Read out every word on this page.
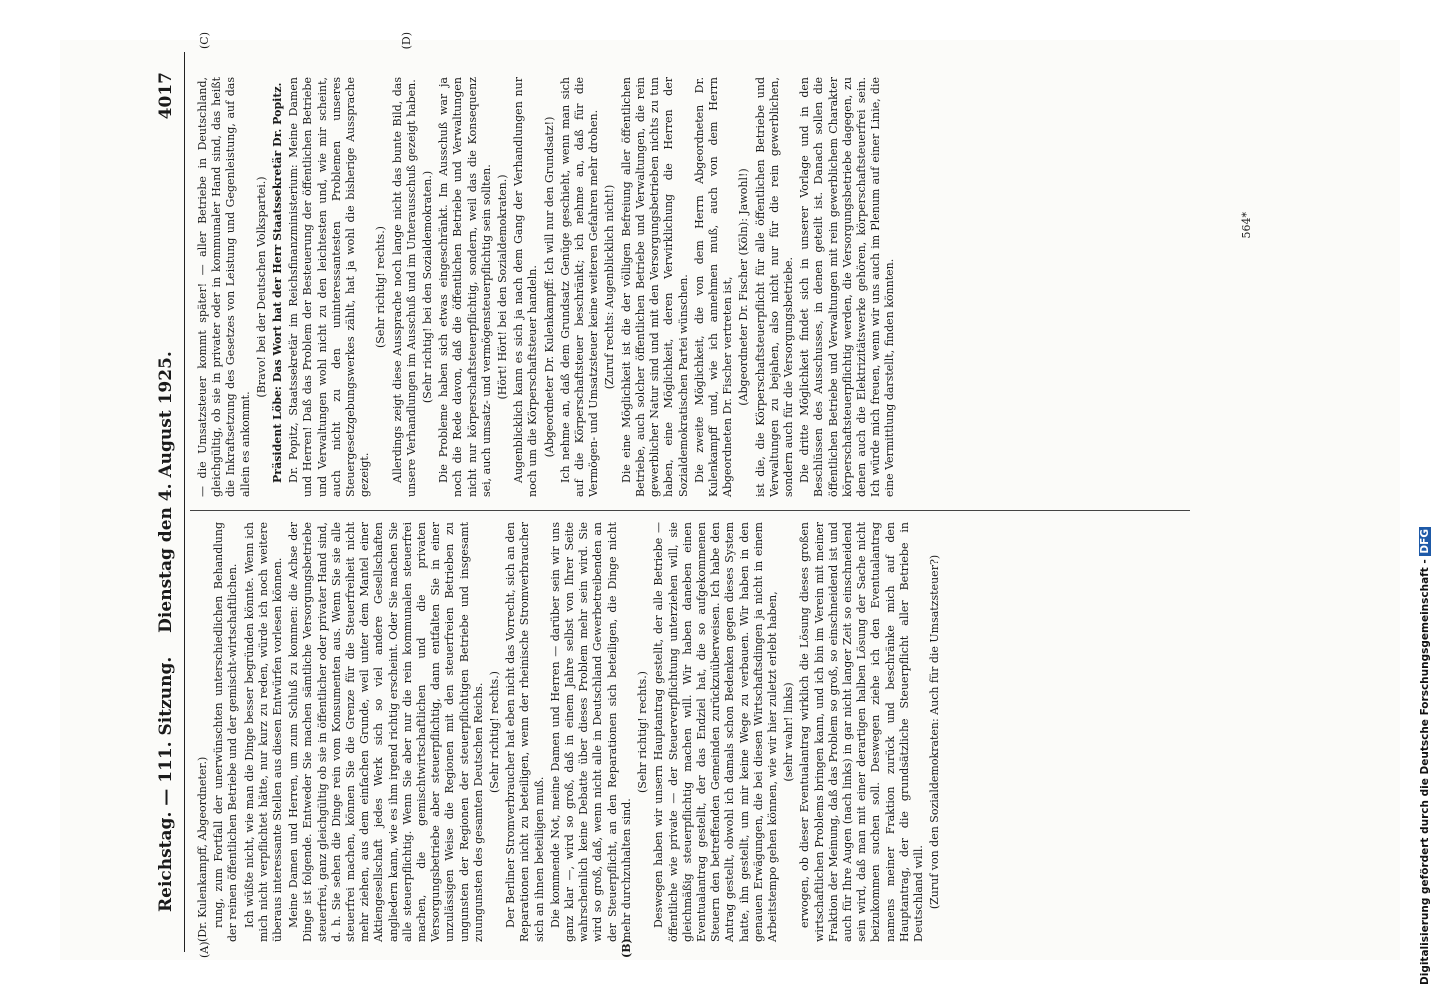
Reichstag. — 111. Sitzung.
Dienstag den 4. August 1925.  4017
(A)	(B)
(C)	(D)

(Dr. Kulenkampff, Abgeordneter.) rung, zum Fortfall der unerwünschten unterschiedlichen Behandlung der reinen öffentlichen Betriebe und der gemischt-wirtschaftlichen. Ich wüßte nicht, wie man die Dinge besser begründen könnte. Wenn ich mich nicht verpflichtet hätte, nur kurz zu reden, würde ich noch weitere überaus interessante Stellen aus diesen Entwürfen vorlesen können. Meine Damen und Herren, um zum Schluß zu kommen: die Achse der Dinge ist folgende. Entweder Sie machen sämtliche Versorgungsbetriebe steuerfrei, ganz gleichgültig ob sie in öffentlicher oder privater Hand sind, d. h. Sie sehen die Dinge rein vom Konsumenten aus. Wenn Sie sie alle steuerfrei machen, können Sie die Grenze für die Steuerfreiheit nicht mehr ziehen, aus dem einfachen Grunde, weil unter dem Mantel einer Aktiengesellschaft jedes Werk sich so viel andere Gesellschaften angliedern kann, wie es ihm irgend richtig erscheint. Oder Sie machen Sie alle steuerpflichtig. Wenn Sie aber nur die rein kommunalen steuerfrei machen, die gemischtwirtschaftlichen und die privaten Versorgungsbetriebe aber steuerpflichtig, dann entfalten Sie in einer unzulässigen Weise die Regionen mit den steuerfreien Betrieben zu ungunsten der Regionen der steuerpflichtigen Betriebe und insgesamt zuungunsten des gesamten Deutschen Reichs. (Sehr richtig! rechts.) Der Berliner Stromverbraucher hat eben nicht das Vorrecht, sich an den Reparationen nicht zu beteiligen, wenn der rheinische Stromverbraucher sich an ihnen beteiligen muß. Die kommende Not, meine Damen und Herren — darüber sein wir uns ganz klar —, wird so groß, daß in einem Jahre selbst von Ihrer Seite wahrscheinlich keine Debatte über dieses Problem mehr sein wird. Sie wird so groß, daß, wenn nicht alle in Deutschland Gewerbetreibenden an der Steuerpflicht, an den Reparationen sich beteiligen, die Dinge nicht mehr durchzuhalten sind.

(Sehr richtig! rechts.) Deswegen haben wir unsern Hauptantrag gestellt, der alle Betriebe — öffentliche wie private — der Steuerverpflichtung unterziehen will, sie gleichmäßig steuerpflichtig machen will. Wir haben daneben einen Eventualantrag gestellt, der das Endziel hat, die so aufgekommenen Steuern den betreffenden Gemeinden zurückzuüberweisen. Ich habe den Antrag gestellt, obwohl ich damals schon Bedenken gegen dieses System hatte, ihn gestellt, um mir keine Wege zu verbauen. Wir haben in den genauen Erwägungen, die bei diesen Wirtschaftsdingen ja nicht in einem Arbeitstempo gehen können, wie wir hier zuletzt erlebt haben, (sehr wahr! links) erwogen, ob dieser Eventualantrag wirklich die Lösung dieses großen wirtschaftlichen Problems bringen kann, und ich bin im Verein mit meiner Fraktion der Meinung, daß das Problem so groß, so einschneidend ist und auch für Ihre Augen (nach links) in gar nicht langer Zeit so einschneidend sein wird, daß man mit einer derartigen halben Lösung der Sache nicht beizukommen suchen soll. Deswegen ziehe ich den Eventualantrag namens meiner Fraktion zurück und beschränke mich auf den Hauptantrag, der die grundsätzliche Steuerpflicht aller Betriebe in Deutschland will. (Zuruf von den Sozialdemokraten: Auch für die Umsatzsteuer?)

— die Umsatzsteuer kommt später! — aller Betriebe in Deutschland, gleichgültig, ob sie in privater oder in kommunaler Hand sind, das heißt die Inkraftsetzung des Gesetzes von Leistung und Gegenleistung, auf das allein es ankommt.

(Bravo! bei der Deutschen Volkspartei.) Präsident Löbe: Das Wort hat der Herr Staatssekretär Dr. Popitz. Dr. Popitz, Staatssekretär im Reichsfinanzministerium: Meine Damen und Herren! Daß das Problem der Besteuerung der öffentlichen Betriebe und Verwaltungen wohl nicht zu den leichtesten und, wie mir scheint, auch nicht zu den uninteressantesten Problemen unseres Steuergesetzgebungswerkes zählt, hat ja wohl die bisherige Aussprache gezeigt.

(Sehr richtig! rechts.) Allerdings zeigt diese Aussprache noch lange nicht das bunte Bild, das unsere Verhandlungen im Ausschuß und im Unterausschuß gezeigt haben. (Sehr richtig! bei den Sozialdemokraten.) Die Probleme haben sich etwas eingeschränkt. Im Ausschuß war ja noch die Rede davon, daß die öffentlichen Betriebe und Verwaltungen nicht nur körperschaftsteuerpflichtig, sondern, weil das die Konsequenz sei, auch umsatz- und vermögensteuerpflichtig sein sollten. (Hört! Hört! bei den Sozialdemokraten.) Augenblicklich kann es sich ja nach dem Gang der Verhandlungen nur noch um die Körperschaftsteuer handeln. (Abgeordneter Dr. Kulenkampff: Ich will nur den Grundsatz!) Ich nehme an, daß dem Grundsatz Genüge geschieht, wenn man sich auf die Körperschaftsteuer beschränkt; ich nehme an, daß für die Vermögen- und Umsatzsteuer keine weiteren Gefahren mehr drohen. (Zuruf rechts: Augenblicklich nicht!) Die eine Möglichkeit ist die der völligen Befreiung aller öffentlichen Betriebe, auch solcher öffentlichen Betriebe und Verwaltungen, die rein gewerblicher Natur sind und mit den Versorgungsbetrieben nichts zu tun haben, eine Möglichkeit, deren Verwirklichung die Herren der Sozialdemokratischen Partei wünschen. Die zweite Möglichkeit, die von dem Herrn Abgeordneten Dr. Kulenkampff und, wie ich annehmen muß, auch von dem Herrn Abgeordneten Dr. Fischer vertreten ist, (Abgeordneter Dr. Fischer (Köln): Jawohl!) ist die, die Körperschaftsteuerpflicht für alle öffentlichen Betriebe und Verwaltungen zu bejahen, also nicht nur für die rein gewerblichen, sondern auch für die Versorgungsbetriebe. Die dritte Möglichkeit findet sich in unserer Vorlage und in den Beschlüssen des Ausschusses, in denen geteilt ist. Danach sollen die öffentlichen Betriebe und Verwaltungen mit rein gewerblichem Charakter körperschaftsteuerpflichtig werden, die Versorgungsbetriebe dagegen, zu denen auch die Elektrizitätswerke gehören, körperschaftsteuerfrei sein. Ich würde mich freuen, wenn wir uns auch im Plenum auf einer Linie, die eine Vermittlung darstellt, finden könnten.

564*
Digitalisierung gefördert durch die Deutsche Forschungsgemeinschaft - DFG
